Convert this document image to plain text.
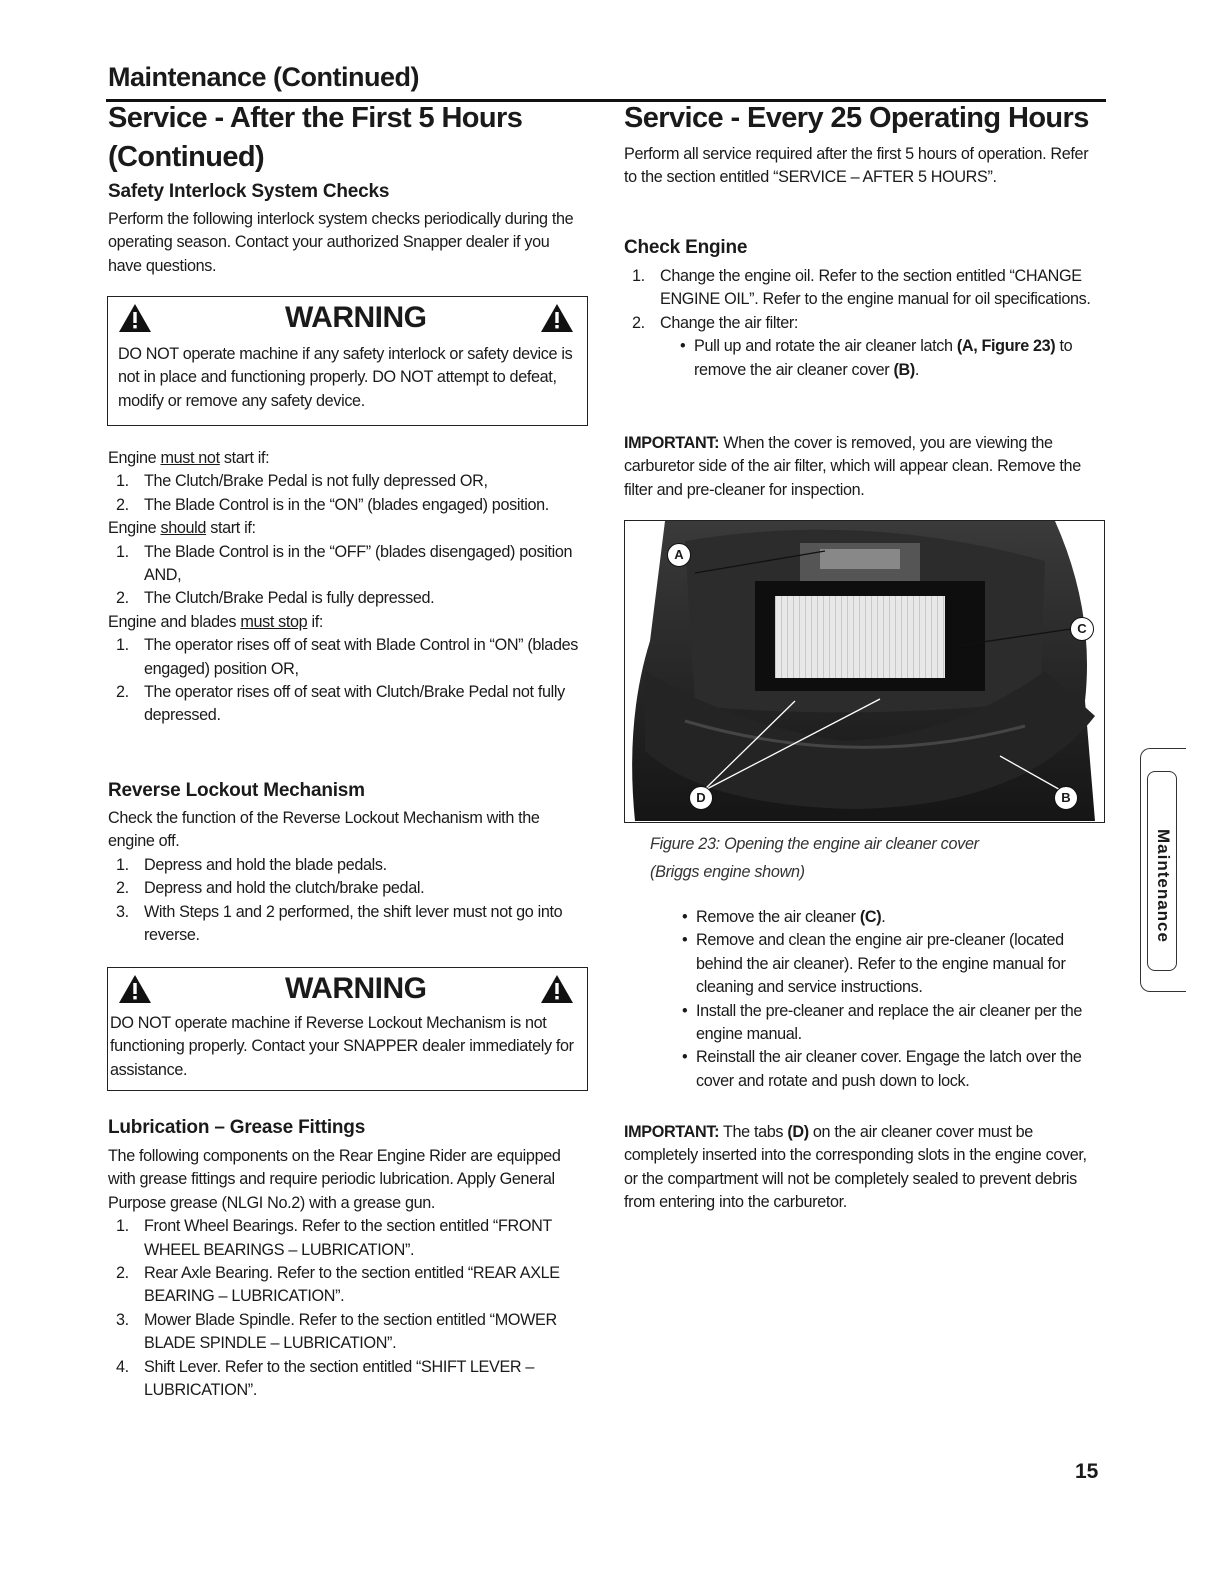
Maintenance (Continued)
Service - After the First 5 Hours
(Continued)
Safety Interlock System Checks
Perform the following interlock system checks periodically during the operating season. Contact your authorized Snapper dealer if you have questions.
WARNING
DO NOT operate machine if any safety interlock or safety device is not in place and functioning properly. DO NOT attempt to defeat, modify or remove any safety device.
Engine must not start if:
1. The Clutch/Brake Pedal is not fully depressed OR,
2. The Blade Control is in the “ON” (blades engaged) position.
Engine should start if:
1. The Blade Control is in the “OFF” (blades disengaged) position AND,
2. The Clutch/Brake Pedal is fully depressed.
Engine and blades must stop if:
1. The operator rises off of seat with Blade Control in “ON” (blades engaged) position OR,
2. The operator rises off of seat with Clutch/Brake Pedal not fully depressed.
Reverse Lockout Mechanism
Check the function of the Reverse Lockout Mechanism with the engine off.
1. Depress and hold the blade pedals.
2. Depress and hold the clutch/brake pedal.
3. With Steps 1 and 2 performed, the shift lever must not go into reverse.
WARNING
DO NOT operate machine if Reverse Lockout Mechanism is not functioning properly. Contact your SNAPPER dealer immediately for assistance.
Lubrication – Grease Fittings
The following components on the Rear Engine Rider are equipped with grease fittings and require periodic lubrication. Apply General Purpose grease (NLGI No.2) with a grease gun.
1. Front Wheel Bearings. Refer to the section entitled “FRONT WHEEL BEARINGS – LUBRICATION”.
2. Rear Axle Bearing. Refer to the section entitled “REAR AXLE BEARING – LUBRICATION”.
3. Mower Blade Spindle. Refer to the section entitled “MOWER BLADE SPINDLE – LUBRICATION”.
4. Shift Lever. Refer to the section entitled “SHIFT LEVER – LUBRICATION”.
Service - Every 25 Operating Hours
Perform all service required after the first 5 hours of operation. Refer to the section entitled “SERVICE – AFTER 5 HOURS”.
Check Engine
1. Change the engine oil. Refer to the section entitled “CHANGE ENGINE OIL”. Refer to the engine manual for oil specifications.
2. Change the air filter:
• Pull up and rotate the air cleaner latch (A, Figure 23) to remove the air cleaner cover (B).
IMPORTANT: When the cover is removed, you are viewing the carburetor side of the air filter, which will appear clean. Remove the filter and pre-cleaner for inspection.
A
B
C
D
Figure 23: Opening the engine air cleaner cover
(Briggs engine shown)
• Remove the air cleaner (C).
• Remove and clean the engine air pre-cleaner (located behind the air cleaner). Refer to the engine manual for cleaning and service instructions.
• Install the pre-cleaner and replace the air cleaner per the engine manual.
• Reinstall the air cleaner cover. Engage the latch over the cover and rotate and push down to lock.
IMPORTANT: The tabs (D) on the air cleaner cover must be completely inserted into the corresponding slots in the engine cover, or the compartment will not be completely sealed to prevent debris from entering into the carburetor.
Maintenance
15
